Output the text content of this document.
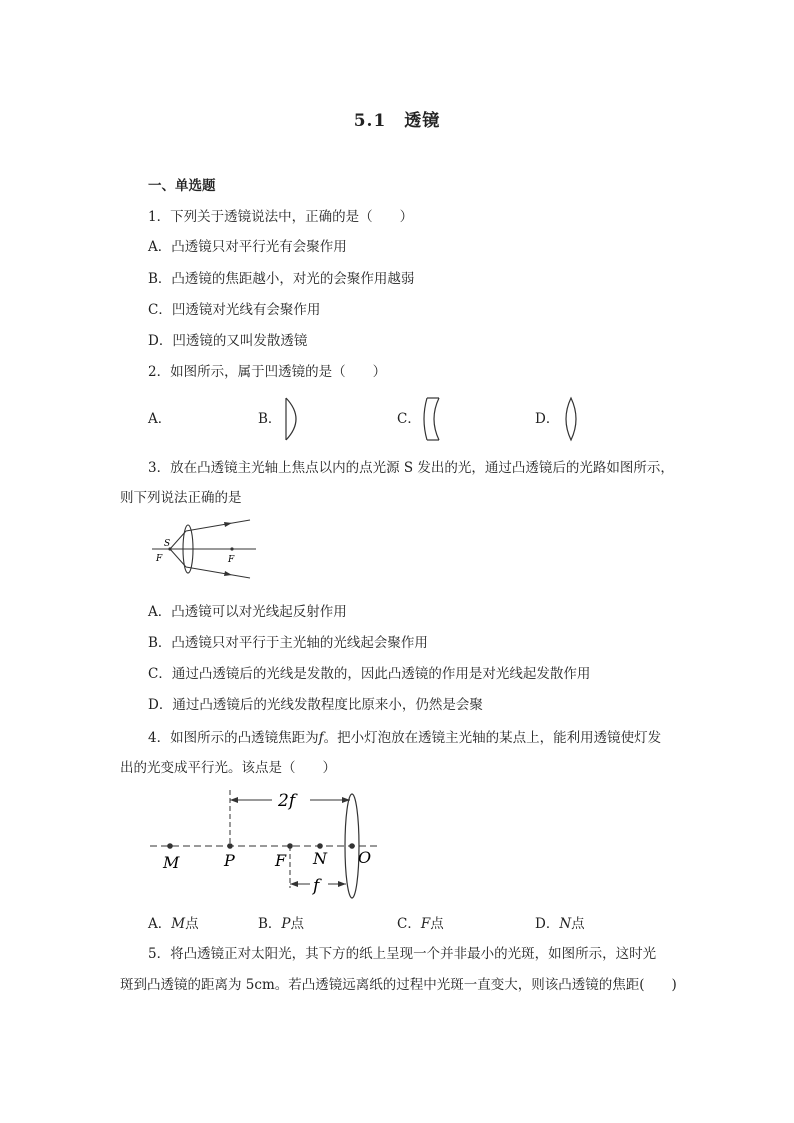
5.1　透镜
一、单选题
1．下列关于透镜说法中，正确的是（　　）
A．凸透镜只对平行光有会聚作用
B．凸透镜的焦距越小，对光的会聚作用越弱
C．凹透镜对光线有会聚作用
D．凹透镜的又叫发散透镜
2．如图所示，属于凹透镜的是（　　）
A．	B．	C．	D．
3．放在凸透镜主光轴上焦点以内的点光源 S 发出的光，通过凸透镜后的光路如图所示，
则下列说法正确的是
S
F	F
A．凸透镜可以对光线起反射作用
B．凸透镜只对平行于主光轴的光线起会聚作用
C．通过凸透镜后的光线是发散的，因此凸透镜的作用是对光线起发散作用
D．通过凸透镜后的光线发散程度比原来小，仍然是会聚
4．如图所示的凸透镜焦距为f。把小灯泡放在透镜主光轴的某点上，能利用透镜使灯发
出的光变成平行光。该点是（　　）
2f
f
M	P	F N O
A．M点	B．P点	C．F点	D．N点
5．将凸透镜正对太阳光，其下方的纸上呈现一个并非最小的光斑，如图所示，这时光
斑到凸透镜的距离为 5cm。若凸透镜远离纸的过程中光斑一直变大，则该凸透镜的焦距(　　)
